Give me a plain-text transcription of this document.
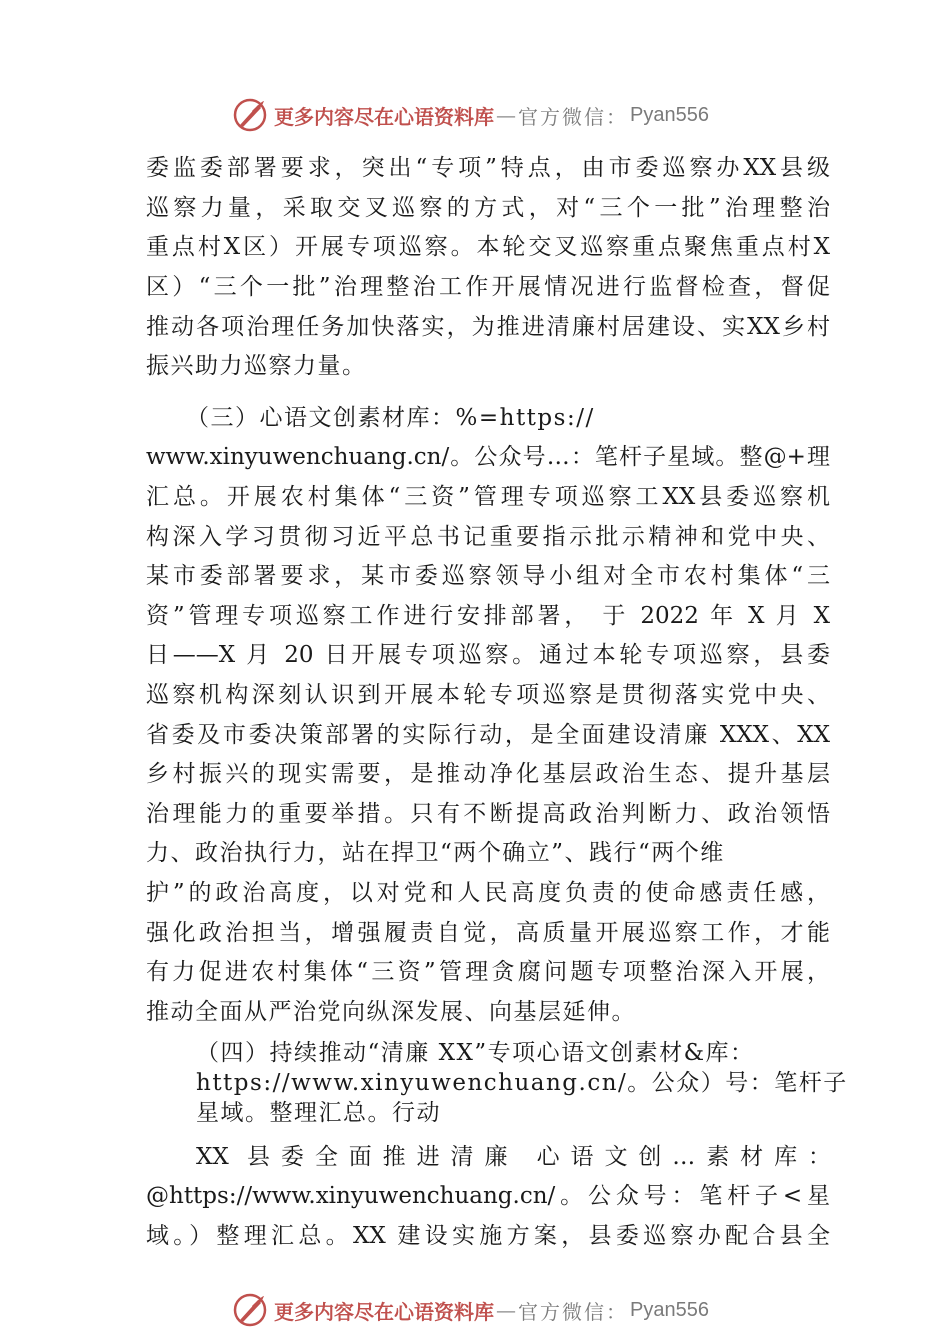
更多内容尽在心语资料库 — 官方微信： Pyan556
委监委部署要求，突出“专项”特点，由市委巡察办XX县级
巡察力量，采取交叉巡察的方式，对“三个一批”治理整治
重点村X区）开展专项巡察。本轮交叉巡察重点聚焦重点村X
区）“三个一批”治理整治工作开展情况进行监督检查，督促
推动各项治理任务加快落实，为推进清廉村居建设、实XX乡村
振兴助力巡察力量。
（三）心语文创素材库：%=https://
www.xinyuwenchuang.cn/。公众号…：笔杆子星域。整@+理
汇总。开展农村集体“三资”管理专项巡察工XX县委巡察机
构深入学习贯彻习近平总书记重要指示批示精神和党中央、
某市委部署要求，某市委巡察领导小组对全市农村集体“三
资”管理专项巡察工作进行安排部署， 于 2022 年 X 月 X
日——X 月 20 日开展专项巡察。通过本轮专项巡察，县委
巡察机构深刻认识到开展本轮专项巡察是贯彻落实党中央、
省委及市委决策部署的实际行动，是全面建设清廉 XXX、XX
乡村振兴的现实需要，是推动净化基层政治生态、提升基层
治理能力的重要举措。只有不断提高政治判断力、政治领悟
力、政治执行力，站在捍卫“两个确立”、践行“两个维
护”的政治高度，以对党和人民高度负责的使命感责任感，
强化政治担当，增强履责自觉，高质量开展巡察工作，才能
有力促进农村集体“三资”管理贪腐问题专项整治深入开展，
推动全面从严治党向纵深发展、向基层延伸。
（四）持续推动“清廉 XX”专项心语文创素材&库：
https://www.xinyuwenchuang.cn/。公众）号：笔杆子
星域。整理汇总。行动
XX 县委全面推进清廉 心语文创…素材库：
@https://www.xinyuwenchuang.cn/。公众号：笔杆子<星
域。）整理汇总。XX 建设实施方案，县委巡察办配合县全
更多内容尽在心语资料库 — 官方微信： Pyan556
